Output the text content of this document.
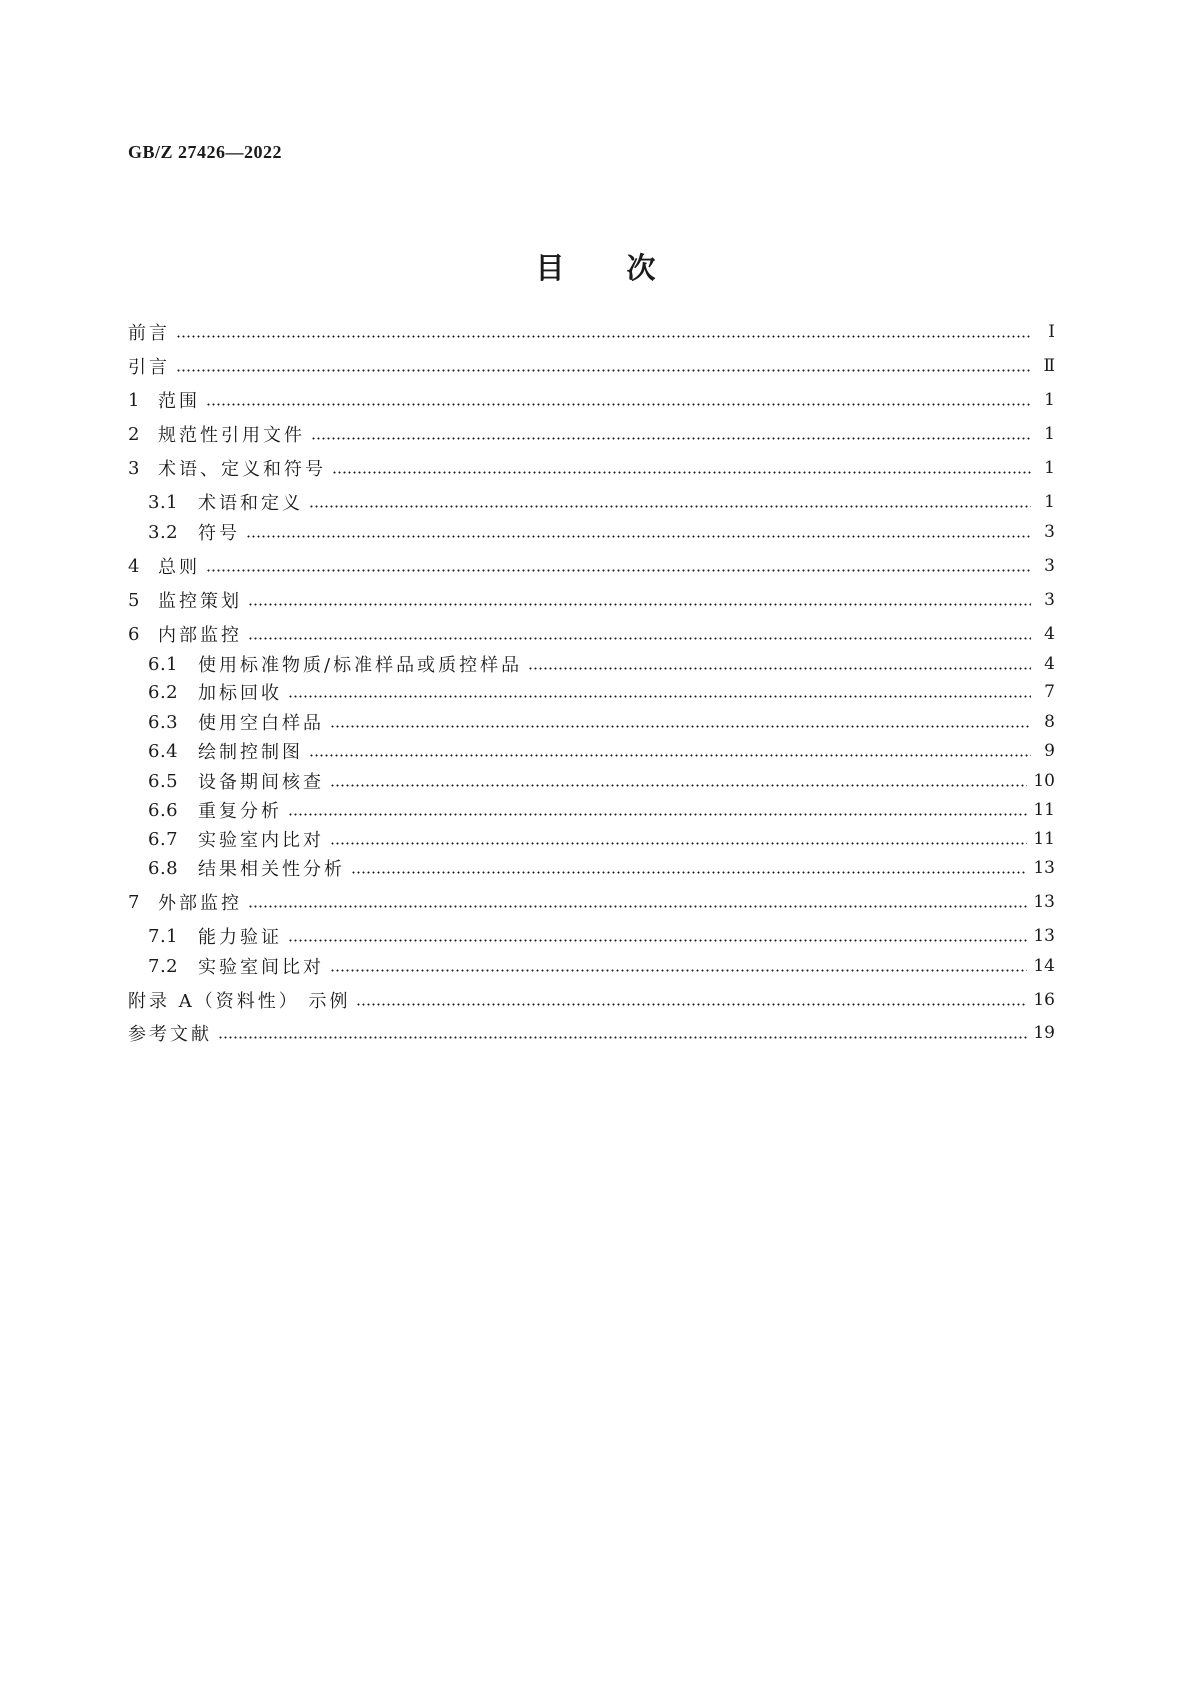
GB/Z 27426—2022
目次
前言	Ⅰ
引言	Ⅱ
1	范围	1
2	规范性引用文件	1
3	术语、定义和符号	1
3.1	术语和定义	1
3.2	符号	3
4	总则	3
5	监控策划	3
6	内部监控	4
6.1	使用标准物质/标准样品或质控样品	4
6.2	加标回收	7
6.3	使用空白样品	8
6.4	绘制控制图	9
6.5	设备期间核查	10
6.6	重复分析	11
6.7	实验室内比对	11
6.8	结果相关性分析	13
7	外部监控	13
7.1	能力验证	13
7.2	实验室间比对	14
附录 A（资料性） 示例	16
参考文献	19
